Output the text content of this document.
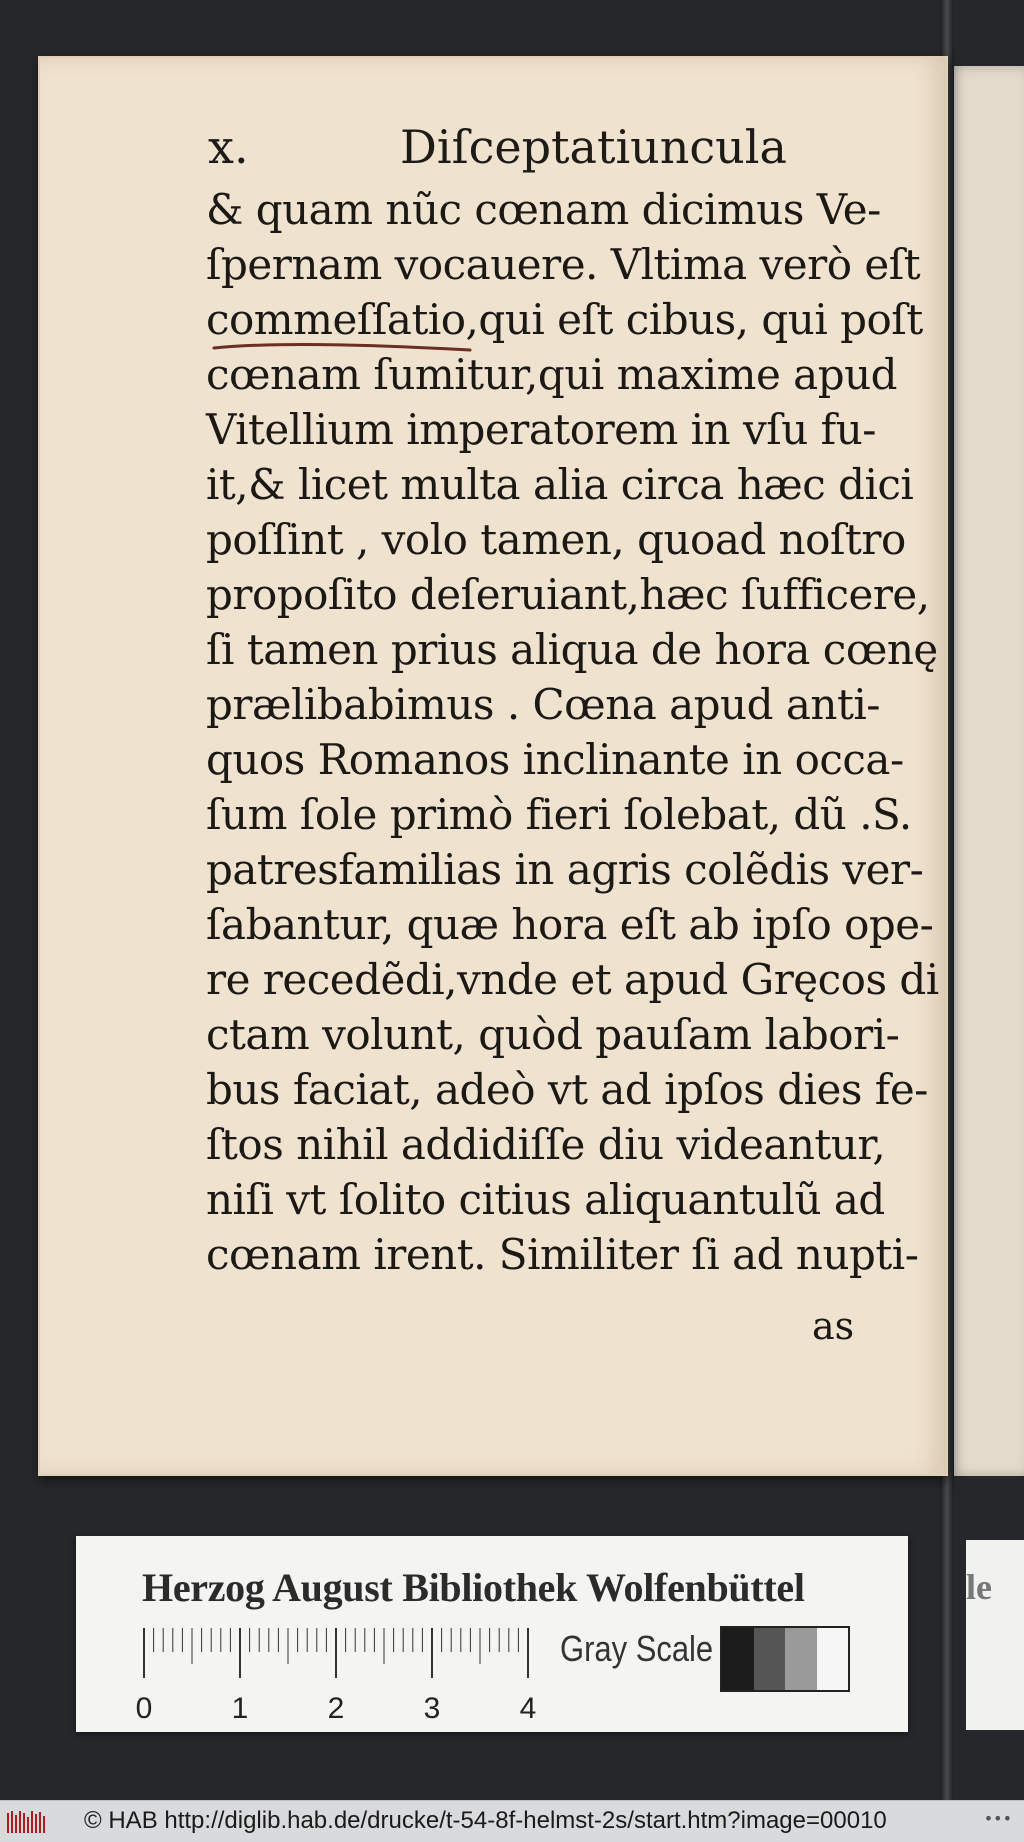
x.

	Diſceptatiuncula

& quam nũc cœnam dicimus Ve-
ſpernam vocauere. Vltima verò eſt
commeſſatio,qui eſt cibus, qui poſt
cœnam ſumitur,qui maxime apud
Vitellium imperatorem in vſu fu-
it,& licet multa alia circa hæc dici
poſſint , volo tamen, quoad noſtro
propoſito deſeruiant,hæc ſufficere,
ſi tamen prius aliqua de hora cœnę
prælibabimus . Cœna apud anti-
quos Romanos inclinante in occa-
ſum ſole primò fieri ſolebat, dũ .S.
patresfamilias in agris colẽdis ver-
ſabantur, quæ hora eſt ab ipſo ope-
re recedẽdi,vnde et apud Gręcos di
ctam volunt, quòd pauſam labori-
bus faciat, adeò vt ad ipſos dies fe-
ſtos nihil addidiſſe diu videantur,
niſi vt ſolito citius aliquantulũ ad
cœnam irent. Similiter ſi ad nupti-
as
Herzog August Bibliothek Wolfenbüttel
0	1	2	3	4
Gray Scale
le
© HAB http://diglib.hab.de/drucke/t-54-8f-helmst-2s/start.htm?image=00010	•••
